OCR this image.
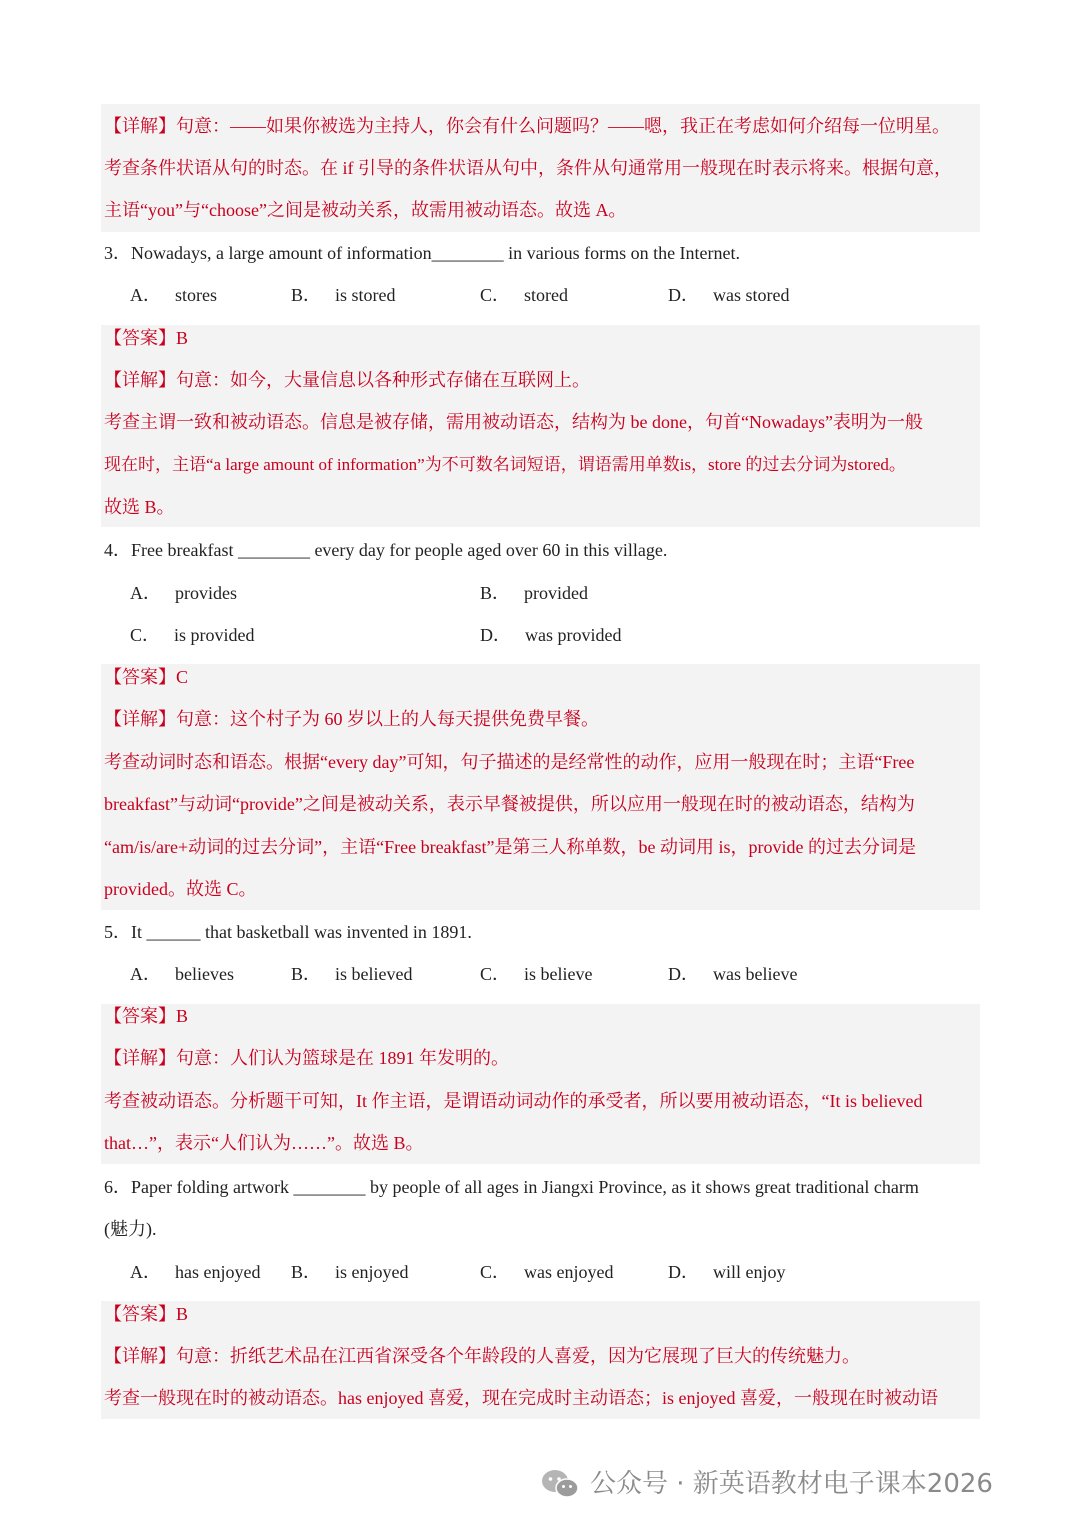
【详解】句意：——如果你被选为主持人，你会有什么问题吗？——嗯，我正在考虑如何介绍每一位明星。
考查条件状语从句的时态。在 if 引导的条件状语从句中，条件从句通常用一般现在时表示将来。根据句意，
主语“you”与“choose”之间是被动关系，故需用被动语态。故选 A。
3．Nowadays, a large amount of information________ in various forms on the Internet.
A． stores	B． is stored	C． stored	D． was stored
【答案】B
【详解】句意：如今，大量信息以各种形式存储在互联网上。
考查主谓一致和被动语态。信息是被存储，需用被动语态，结构为 be done，句首“Nowadays”表明为一般
现在时，主语“a large amount of information”为不可数名词短语，谓语需用单数is，store 的过去分词为stored。
故选 B。
4．Free breakfast ________ every day for people aged over 60 in this village.
A． provides	B． provided
C． is provided	D． was provided
【答案】C
【详解】句意：这个村子为 60 岁以上的人每天提供免费早餐。
考查动词时态和语态。根据“every day”可知，句子描述的是经常性的动作，应用一般现在时；主语“Free
breakfast”与动词“provide”之间是被动关系，表示早餐被提供，所以应用一般现在时的被动语态，结构为
“am/is/are+动词的过去分词”，主语“Free breakfast”是第三人称单数，be 动词用 is，provide 的过去分词是
provided。故选 C。
5．It ______ that basketball was invented in 1891.
A． believes	B． is believed	C． is believe	D． was believe
【答案】B
【详解】句意：人们认为篮球是在 1891 年发明的。
考查被动语态。分析题干可知，It 作主语，是谓语动词动作的承受者，所以要用被动语态，“It is believed
that…”，表示“人们认为……”。故选 B。
6．Paper folding artwork ________ by people of all ages in Jiangxi Province, as it shows great traditional charm
(魅力).
A． has enjoyed B． is enjoyed	C． was enjoyed	D． will enjoy
【答案】B
【详解】句意：折纸艺术品在江西省深受各个年龄段的人喜爱，因为它展现了巨大的传统魅力。
考查一般现在时的被动语态。has enjoyed 喜爱，现在完成时主动语态；is enjoyed 喜爱，一般现在时被动语
公众号 · 新英语教材电子课本2026
